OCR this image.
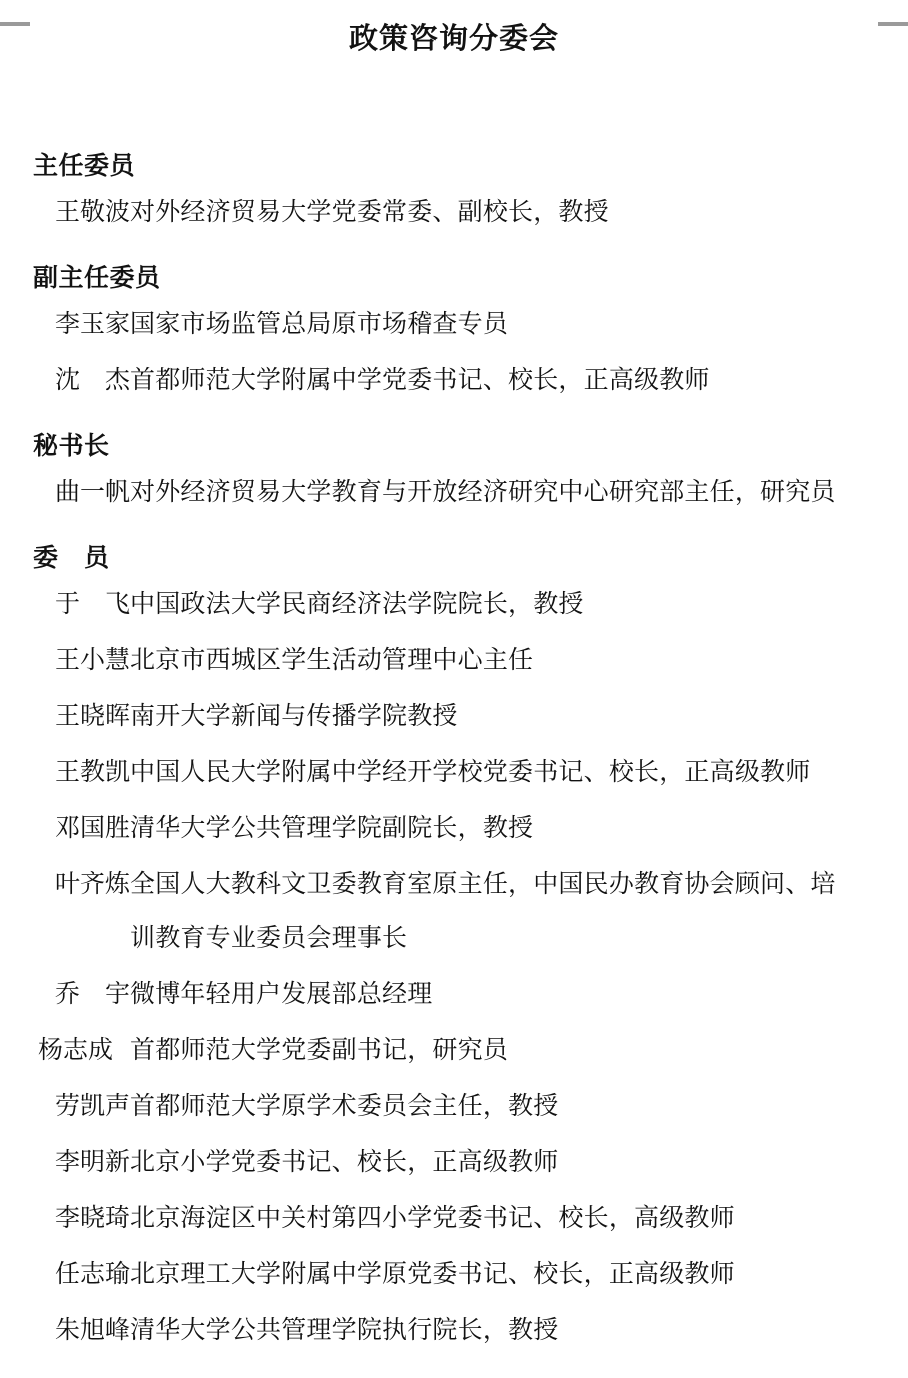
政策咨询分委会
主任委员
王敬波 对外经济贸易大学党委常委、副校长，教授
副主任委员
李玉家 国家市场监管总局原市场稽查专员
沈　杰 首都师范大学附属中学党委书记、校长，正高级教师
秘书长
曲一帆 对外经济贸易大学教育与开放经济研究中心研究部主任，研究员
委　员
于　飞 中国政法大学民商经济法学院院长，教授
王小慧 北京市西城区学生活动管理中心主任
王晓晖 南开大学新闻与传播学院教授
王教凯 中国人民大学附属中学经开学校党委书记、校长，正高级教师
邓国胜 清华大学公共管理学院副院长，教授
叶齐炼 全国人大教科文卫委教育室原主任，中国民办教育协会顾问、培训教育专业委员会理事长
乔　宇 微博年轻用户发展部总经理
杨志成 首都师范大学党委副书记，研究员
劳凯声 首都师范大学原学术委员会主任，教授
李明新 北京小学党委书记、校长，正高级教师
李晓琦 北京海淀区中关村第四小学党委书记、校长，高级教师
任志瑜 北京理工大学附属中学原党委书记、校长，正高级教师
朱旭峰 清华大学公共管理学院执行院长，教授
